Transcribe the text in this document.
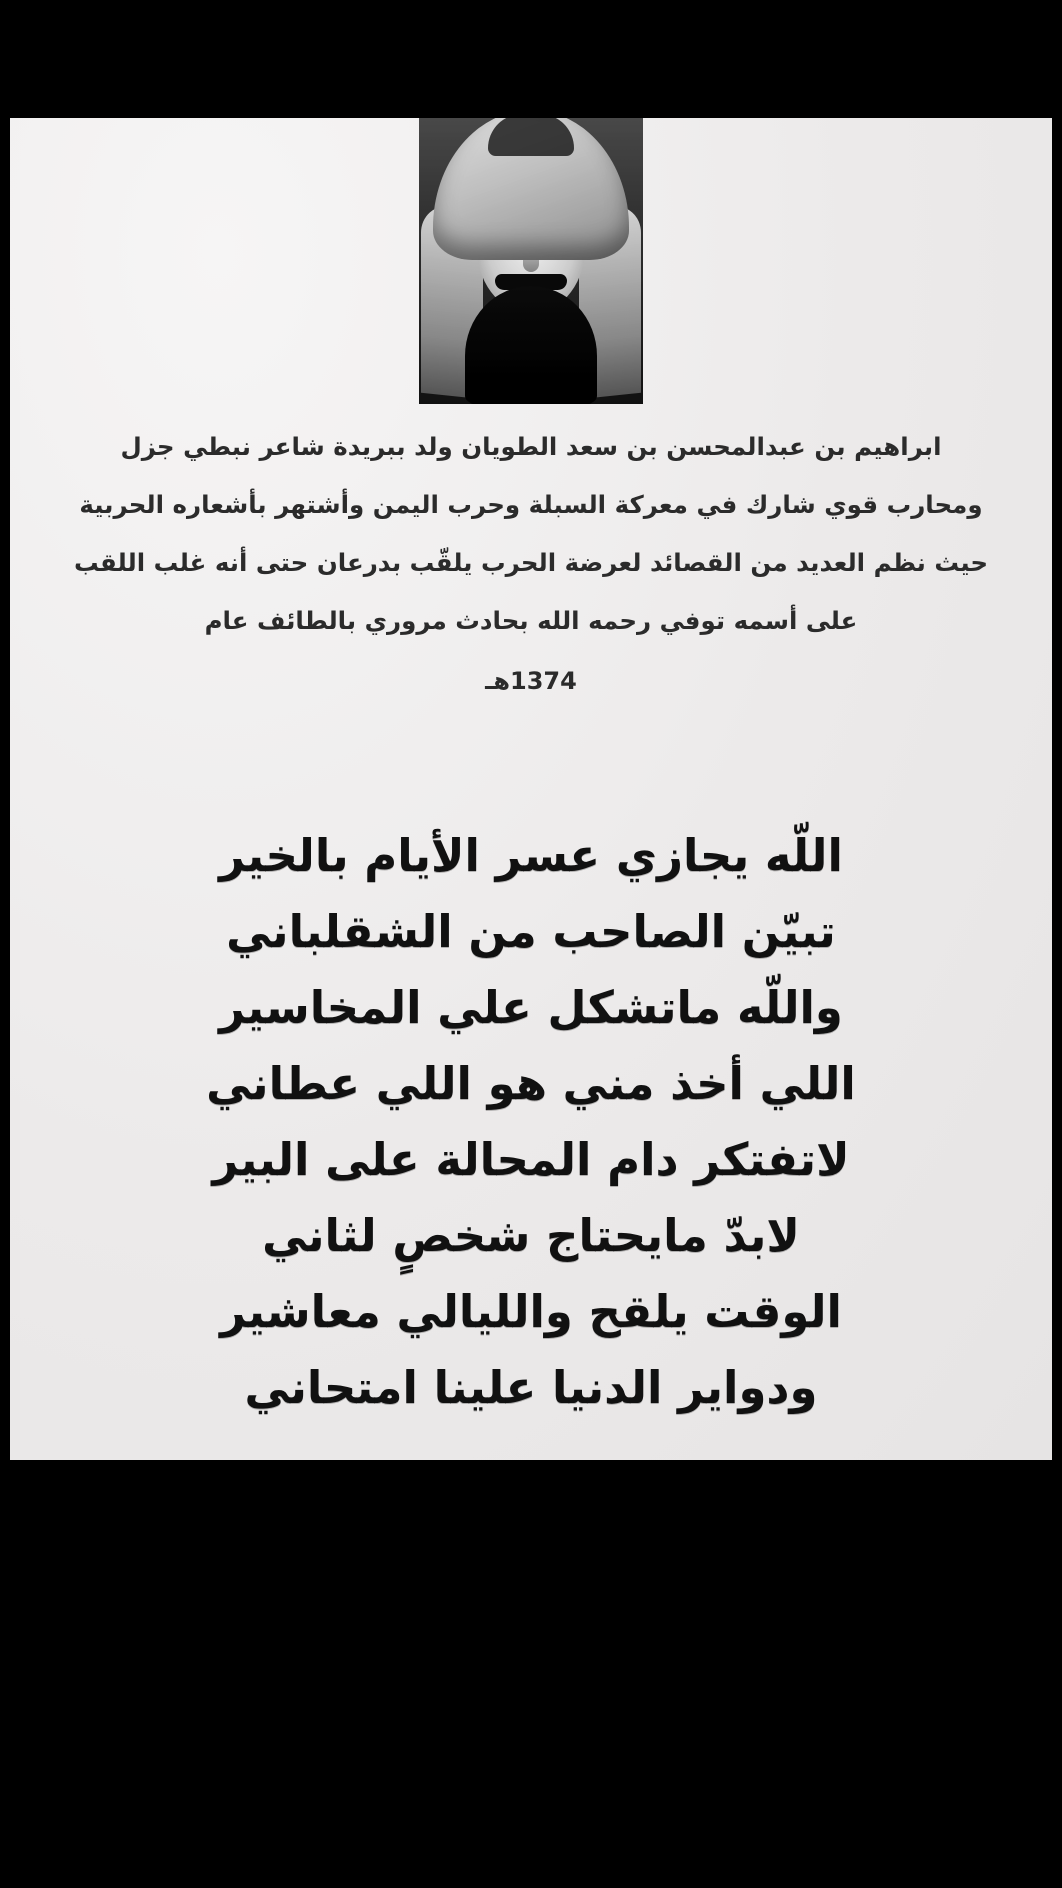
ابراهيم بن عبدالمحسن بن سعد الطويان ولد ببريدة شاعر نبطي جزل ومحارب قوي شارك في معركة السبلة وحرب اليمن وأشتهر بأشعاره الحربية حيث نظم العديد من القصائد لعرضة الحرب يلقّب بدرعان حتى أنه غلب اللقب على أسمه توفي رحمه الله بحادث مروري بالطائف عام
1374هـ
اللّه يجازي عسر الأيام بالخير
تبيّن الصاحب من الشقلباني
واللّه ماتشكل علي المخاسير
اللي أخذ مني هو اللي عطاني
لاتفتكر دام المحالة على البير
لابدّ مايحتاج شخصٍ لثاني
الوقت يلقح والليالي معاشير
ودواير الدنيا علينا امتحاني
